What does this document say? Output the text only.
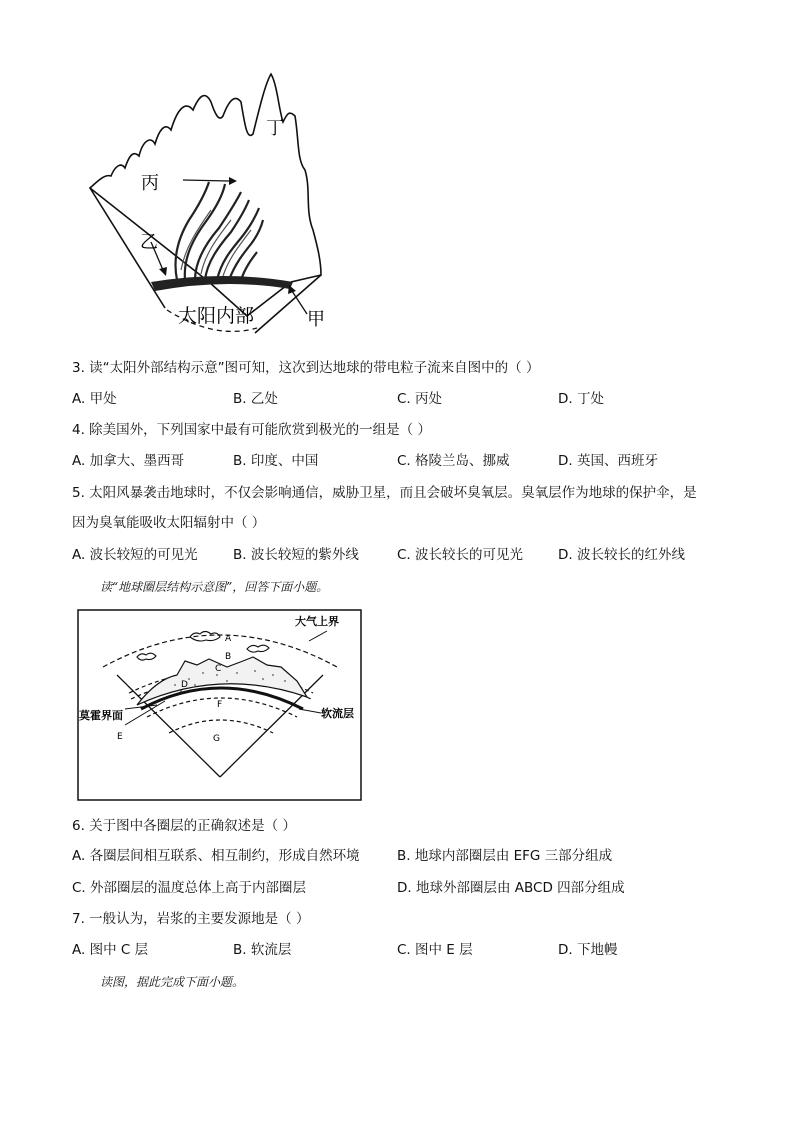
丁
丙
乙
太阳内部	甲
3. 读“太阳外部结构示意”图可知，这次到达地球的带电粒子流来自图中的（ ）
A. 甲处	B. 乙处	C. 丙处	D. 丁处
4. 除美国外，下列国家中最有可能欣赏到极光的一组是（ ）
A. 加拿大、墨西哥	B. 印度、中国	C. 格陵兰岛、挪威	D. 英国、西班牙
5. 太阳风暴袭击地球时，不仅会影响通信，威胁卫星，而且会破坏臭氧层。臭氧层作为地球的保护伞，是
因为臭氧能吸收太阳辐射中（ ）
A. 波长较短的可见光	B. 波长较短的紫外线	C. 波长较长的可见光	D. 波长较长的红外线
读“地球圈层结构示意图”，回答下面小题。
大气上界
A
B
C
D
莫霍界面
E
F
G
软流层
6. 关于图中各圈层的正确叙述是（ ）
A. 各圈层间相互联系、相互制约，形成自然环境	B. 地球内部圈层由 EFG 三部分组成
C. 外部圈层的温度总体上高于内部圈层	D. 地球外部圈层由 ABCD 四部分组成
7. 一般认为，岩浆的主要发源地是（ ）
A. 图中 C 层	B. 软流层	C. 图中 E 层	D. 下地幔
读图，据此完成下面小题。
